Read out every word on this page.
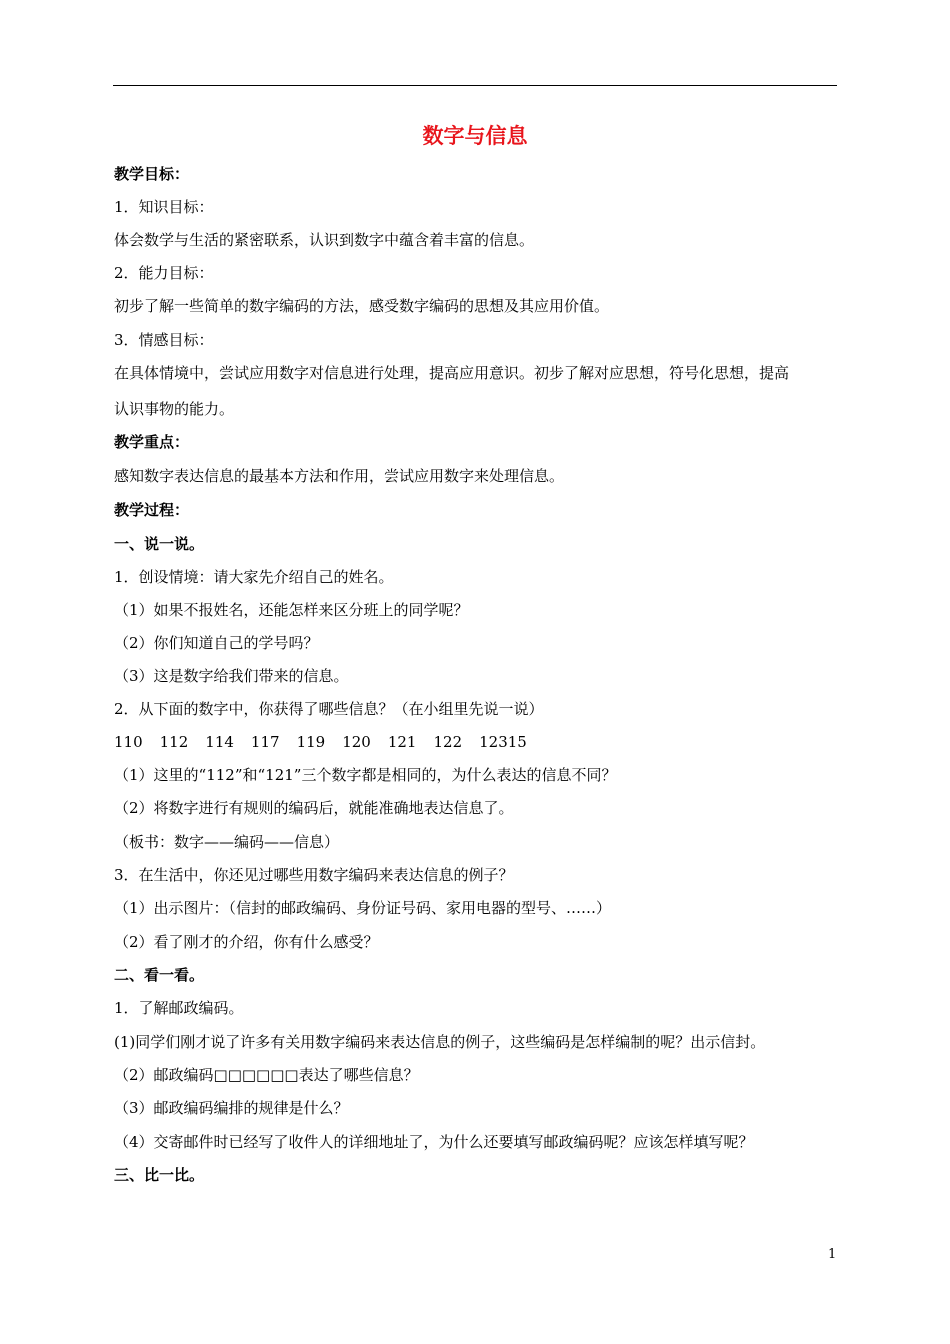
数字与信息
教学目标：
1．知识目标：
体会数学与生活的紧密联系，认识到数字中蕴含着丰富的信息。
2．能力目标：
初步了解一些简单的数字编码的方法，感受数字编码的思想及其应用价值。
3．情感目标：
在具体情境中，尝试应用数字对信息进行处理，提高应用意识。初步了解对应思想，符号化思想，提高
认识事物的能力。
教学重点：
感知数字表达信息的最基本方法和作用，尝试应用数字来处理信息。
教学过程：
一、说一说。
1．创设情境：请大家先介绍自己的姓名。
（1）如果不报姓名，还能怎样来区分班上的同学呢？
（2）你们知道自己的学号吗？
（3）这是数字给我们带来的信息。
2．从下面的数字中，你获得了哪些信息？（在小组里先说一说）
110 112 114 117 119 120 121 122 12315
（1）这里的“112”和“121”三个数字都是相同的，为什么表达的信息不同？
（2）将数字进行有规则的编码后，就能准确地表达信息了。
（板书：数字——编码——信息）
3．在生活中，你还见过哪些用数字编码来表达信息的例子？
（1）出示图片：（信封的邮政编码、身份证号码、家用电器的型号、……）
（2）看了刚才的介绍，你有什么感受？
二、看一看。
1．了解邮政编码。
(1)同学们刚才说了许多有关用数字编码来表达信息的例子，这些编码是怎样编制的呢？出示信封。
（2）邮政编码□□□□□□表达了哪些信息？
（3）邮政编码编排的规律是什么？
（4）交寄邮件时已经写了收件人的详细地址了，为什么还要填写邮政编码呢？应该怎样填写呢？
三、比一比。
1
